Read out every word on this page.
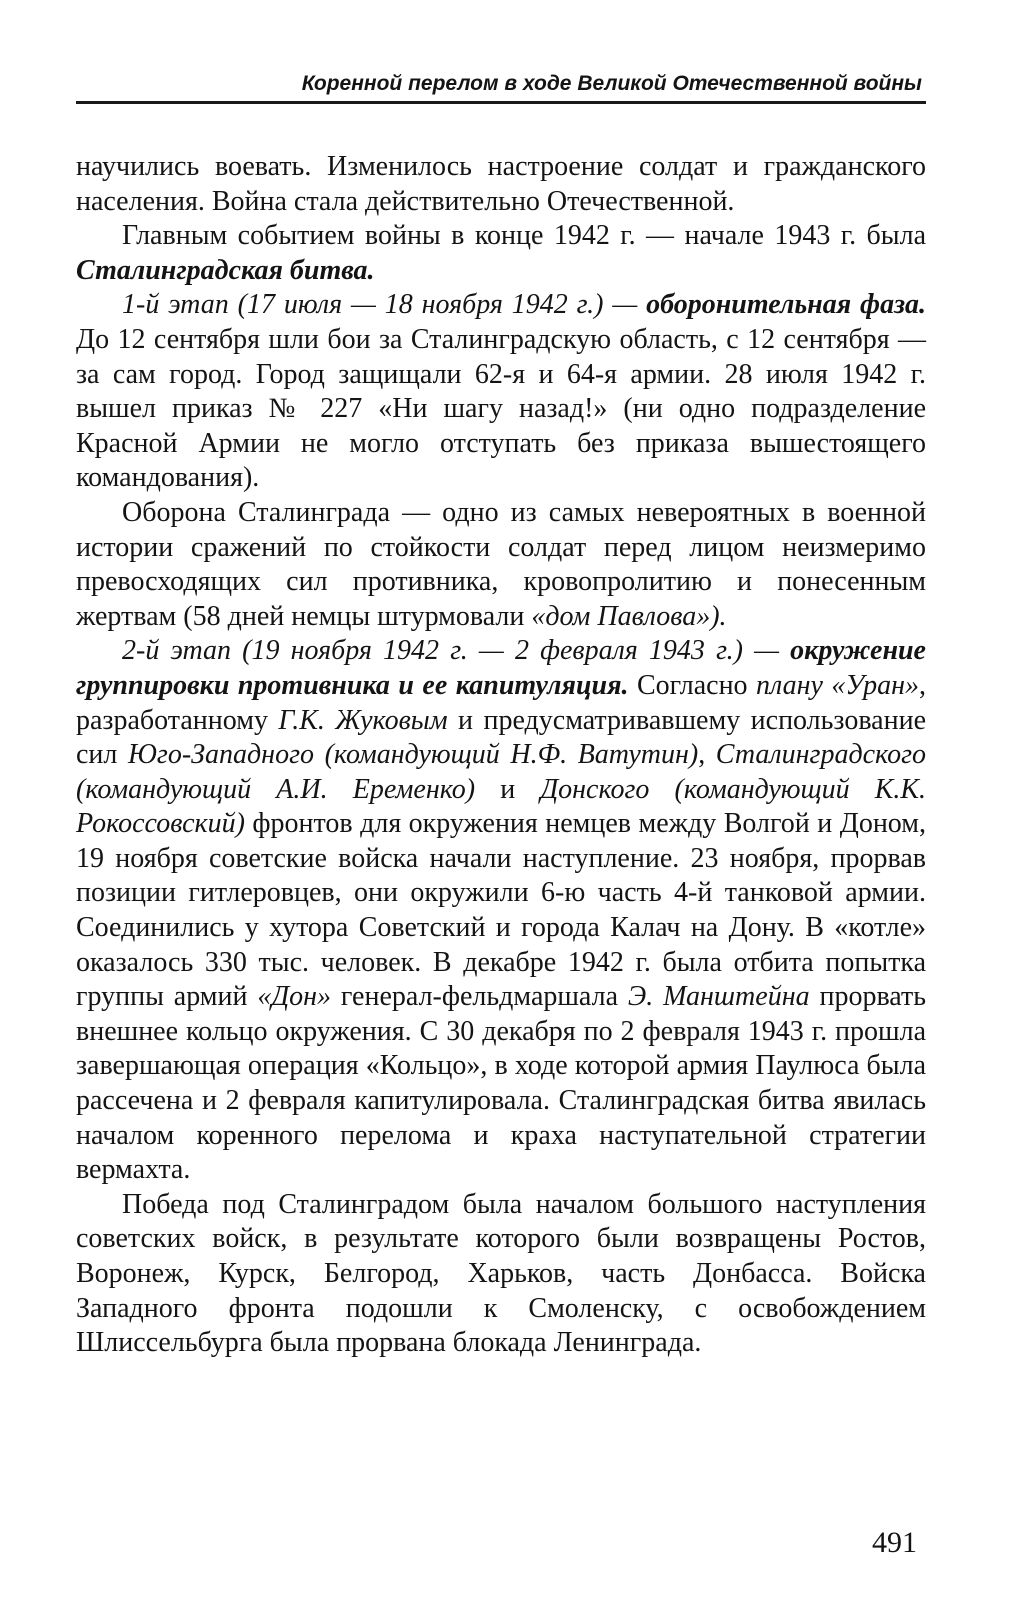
Коренной перелом в ходе Великой Отечественной войны

научились воевать. Изменилось настроение солдат и гражданского населения. Война стала действительно Отечественной.

Главным событием войны в конце 1942 г. — начале 1943 г. была Сталинградская битва.

1-й этап (17 июля — 18 ноября 1942 г.) — оборонительная фаза. До 12 сентября шли бои за Сталинградскую область, с 12 сентября — за сам город. Город защищали 62-я и 64-я армии. 28 июля 1942 г. вышел приказ № 227 «Ни шагу назад!» (ни одно подразделение Красной Армии не могло отступать без приказа вышестоящего командования).

Оборона Сталинграда — одно из самых невероятных в военной истории сражений по стойкости солдат перед лицом неизмеримо превосходящих сил противника, кровопролитию и понесенным жертвам (58 дней немцы штурмовали «дом Павлова»).

2-й этап (19 ноября 1942 г. — 2 февраля 1943 г.) — окружение группировки противника и ее капитуляция. Согласно плану «Уран», разработанному Г.К. Жуковым и предусматривавшему использование сил Юго-Западного (командующий Н.Ф. Ватутин), Сталинградского (командующий А.И. Еременко) и Донского (командующий К.К. Рокоссовский) фронтов для окружения немцев между Волгой и Доном, 19 ноября советские войска начали наступление. 23 ноября, прорвав позиции гитлеровцев, они окружили 6-ю часть 4-й танковой армии. Соединились у хутора Советский и города Калач на Дону. В «котле» оказалось 330 тыс. человек. В декабре 1942 г. была отбита попытка группы армий «Дон» генерал-фельдмаршала Э. Манштейна прорвать внешнее кольцо окружения. С 30 декабря по 2 февраля 1943 г. прошла завершающая операция «Кольцо», в ходе которой армия Паулюса была рассечена и 2 февраля капитулировала. Сталинградская битва явилась началом коренного перелома и краха наступательной стратегии вермахта.

Победа под Сталинградом была началом большого наступления советских войск, в результате которого были возвращены Ростов, Воронеж, Курск, Белгород, Харьков, часть Донбасса. Войска Западного фронта подошли к Смоленску, с освобождением Шлиссельбурга была прорвана блокада Ленинграда.

491
